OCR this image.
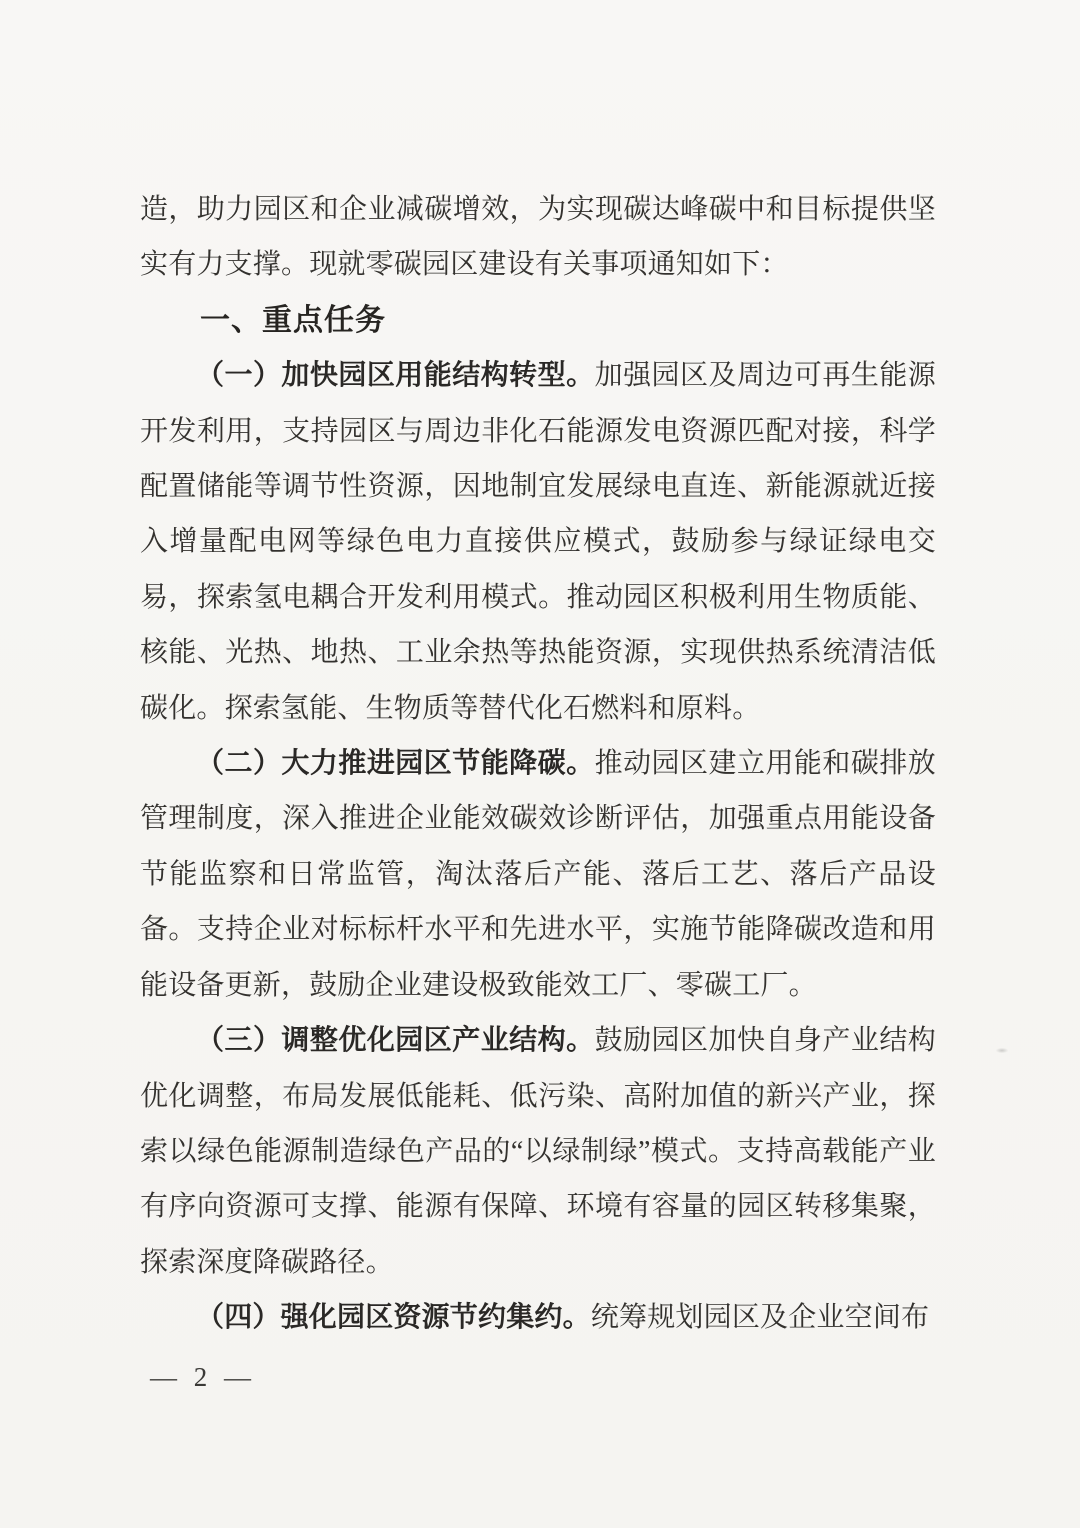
造，助力园区和企业减碳增效，为实现碳达峰碳中和目标提供坚实有力支撑。现就零碳园区建设有关事项通知如下：

一、重点任务

（一）加快园区用能结构转型。加强园区及周边可再生能源开发利用，支持园区与周边非化石能源发电资源匹配对接，科学配置储能等调节性资源，因地制宜发展绿电直连、新能源就近接入增量配电网等绿色电力直接供应模式，鼓励参与绿证绿电交易，探索氢电耦合开发利用模式。推动园区积极利用生物质能、核能、光热、地热、工业余热等热能资源，实现供热系统清洁低碳化。探索氢能、生物质等替代化石燃料和原料。

（二）大力推进园区节能降碳。推动园区建立用能和碳排放管理制度，深入推进企业能效碳效诊断评估，加强重点用能设备节能监察和日常监管，淘汰落后产能、落后工艺、落后产品设备。支持企业对标标杆水平和先进水平，实施节能降碳改造和用能设备更新，鼓励企业建设极致能效工厂、零碳工厂。

（三）调整优化园区产业结构。鼓励园区加快自身产业结构优化调整，布局发展低能耗、低污染、高附加值的新兴产业，探索以绿色能源制造绿色产品的“以绿制绿”模式。支持高载能产业有序向资源可支撑、能源有保障、环境有容量的园区转移集聚，探索深度降碳路径。

（四）强化园区资源节约集约。统筹规划园区及企业空间布

— 2 —
